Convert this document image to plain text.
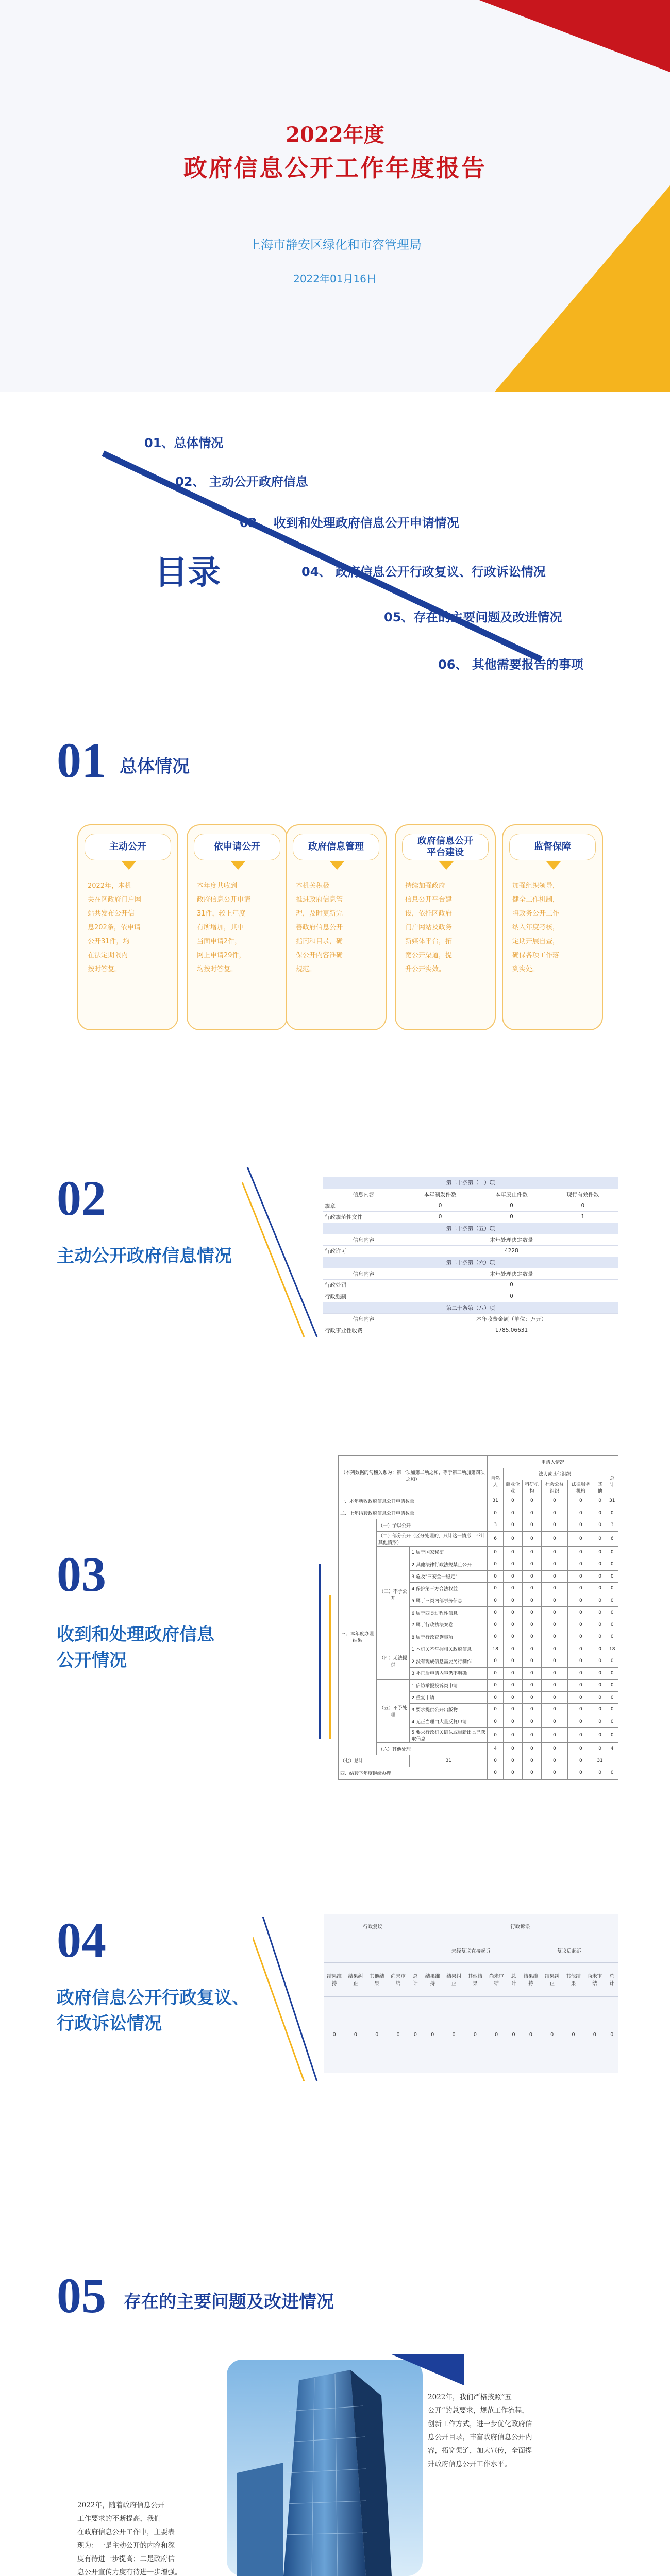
2022年度
政府信息公开工作年度报告
上海市静安区绿化和市容管理局
2022年01月16日
01、总体情况
02、 主动公开政府信息
03、 收到和处理政府信息公开申请情况
04、 政府信息公开行政复议、行政诉讼情况
05、存在的主要问题及改进情况
06、 其他需要报告的事项
目录
01 总体情况
主动公开
2022年，本机
关在区政府门户网
站共发布公开信
息202条，依申请
公开31件，均
在法定期限内
按时答复。
依申请公开
本年度共收到
政府信息公开申请
31件，较上年度
有所增加，其中
当面申请2件，
网上申请29件，
均按时答复。
政府信息管理
本机关积极
推进政府信息管
理，及时更新完
善政府信息公开
指南和目录，确
保公开内容准确
规范。
政府信息公开
平台建设
持续加强政府
信息公开平台建
设，依托区政府
门户网站及政务
新媒体平台，拓
宽公开渠道，提
升公开实效。
监督保障
加强组织领导，
健全工作机制，
将政务公开工作
纳入年度考核，
定期开展自查，
确保各项工作落
到实处。
02
主动公开政府信息情况
第二十条第（一）项			
信息内容	本年制发件数	本年废止件数	现行有效件数
规章	0	0	0
行政规范性文件	0	0	1
第二十条第（五）项			
信息内容	本年处理决定数量		
行政许可	4228		
第二十条第（六）项			
信息内容	本年处理决定数量		
行政处罚	0		
行政强制	0		
第二十条第（八）项			
信息内容	本年收费金额（单位：万元）		
行政事业性收费	1785.06631		
03
收到和处理政府信息
公开情况
（本列数据的勾稽关系为：第一项加第二项之和，等于第三项加第四项之和）			申请人情况						
			自然人	法人或其他组织					总计
				商业企业	科研机构	社会公益组织	法律服务机构	其他	
一、本年新收政府信息公开申请数量			31	0	0	0	0	0	31
二、上年结转政府信息公开申请数量			0	0	0	0	0	0	0
三、本年度办理结果	（一）予以公开		3	0	0	0	0	0	3
	（二）部分公开（区分处理的，只计这一情形，不计其他情形）		6	0	0	0	0	0	6
	（三）不予公开	1.属于国家秘密	0	0	0	0	0	0	0
		2.其他法律行政法规禁止公开	0	0	0	0	0	0	0
		3.危及"三安全一稳定"	0	0	0	0	0	0	0
		4.保护第三方合法权益	0	0	0	0	0	0	0
		5.属于三类内部事务信息	0	0	0	0	0	0	0
		6.属于四类过程性信息	0	0	0	0	0	0	0
		7.属于行政执法案卷	0	0	0	0	0	0	0
		8.属于行政查询事项	0	0	0	0	0	0	0
	（四）无法提供	1.本机关不掌握相关政府信息	18	0	0	0	0	0	18
		2.没有现成信息需要另行制作	0	0	0	0	0	0	0
		3.补正后申请内容仍不明确	0	0	0	0	0	0	0
	（五）不予处理	1.信访举报投诉类申请	0	0	0	0	0	0	0
		2.重复申请	0	0	0	0	0	0	0
		3.要求提供公开出版物	0	0	0	0	0	0	0
		4.无正当理由大量反复申请	0	0	0	0	0	0	0
		5.要求行政机关确认或重新出具已获取信息	0	0	0	0	0	0	0
	（六）其他处理		4	0	0	0	0	0	4
（七）总计		31	0	0	0	0	0	31	
四、结转下年度继续办理			0	0	0	0	0	0	0
04
政府信息公开行政复议、
行政诉讼情况
行政复议					行政诉讼									
					未经复议直接起诉					复议后起诉				
结果维持	结果纠正	其他结果	尚未审结	总计	结果维持	结果纠正	其他结果	尚未审结	总计	结果维持	结果纠正	其他结果	尚未审结	总计
0	0	0	0	0	0	0	0	0	0	0	0	0	0	0
05 存在的主要问题及改进情况
2022年，我们严格按照“五
公开”的总要求，规范工作流程，
创新工作方式，进一步优化政府信
息公开目录，丰富政府信息公开内
容，拓宽渠道，加大宣传，全面提
升政府信息公开工作水平。
2022年，随着政府信息公开
工作要求的不断提高，我们
在政府信息公开工作中，主要表
现为：一是主动公开的内容和深
度有待进一步提高；二是政府信
息公开宣传力度有待进一步增强。
